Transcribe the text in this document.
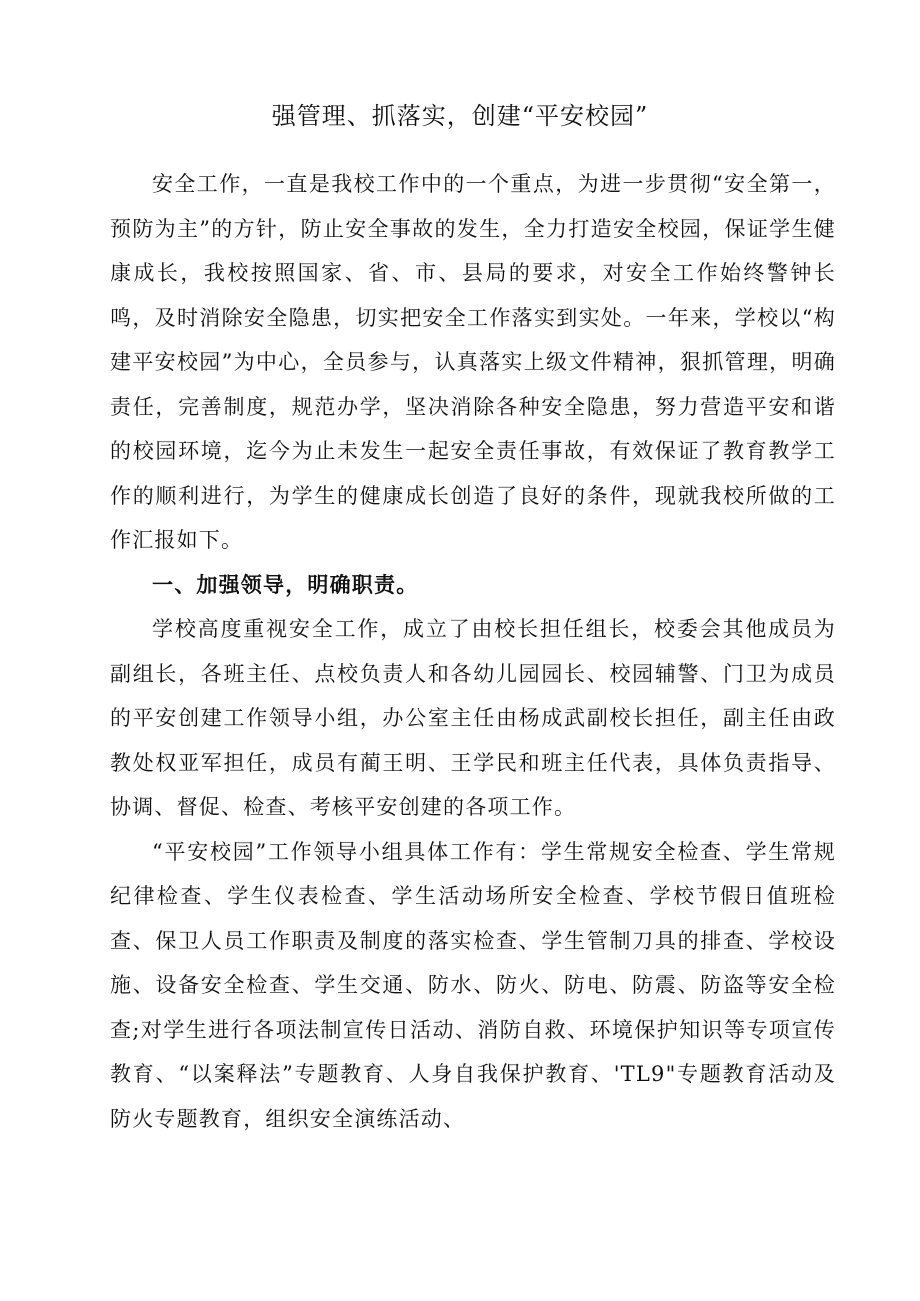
强管理、抓落实，创建“平安校园”

安全工作，一直是我校工作中的一个重点，为进一步贯彻“安全第一，预防为主”的方针，防止安全事故的发生，全力打造安全校园，保证学生健康成长，我校按照国家、省、市、县局的要求，对安全工作始终警钟长鸣，及时消除安全隐患，切实把安全工作落实到实处。一年来，学校以“构建平安校园”为中心，全员参与，认真落实上级文件精神，狠抓管理，明确责任，完善制度，规范办学，坚决消除各种安全隐患，努力营造平安和谐的校园环境，迄今为止未发生一起安全责任事故，有效保证了教育教学工作的顺利进行，为学生的健康成长创造了良好的条件，现就我校所做的工作汇报如下。

一、加强领导，明确职责。

学校高度重视安全工作，成立了由校长担任组长，校委会其他成员为副组长，各班主任、点校负责人和各幼儿园园长、校园辅警、门卫为成员的平安创建工作领导小组，办公室主任由杨成武副校长担任，副主任由政教处权亚军担任，成员有蔺王明、王学民和班主任代表，具体负责指导、协调、督促、检查、考核平安创建的各项工作。

“平安校园”工作领导小组具体工作有：学生常规安全检查、学生常规纪律检查、学生仪表检查、学生活动场所安全检查、学校节假日值班检查、保卫人员工作职责及制度的落实检查、学生管制刀具的排查、学校设施、设备安全检查、学生交通、防水、防火、防电、防震、防盗等安全检查;对学生进行各项法制宣传日活动、消防自救、环境保护知识等专项宣传教育、“以案释法”专题教育、人身自我保护教育、'TL9"专题教育活动及防火专题教育，组织安全演练活动、
